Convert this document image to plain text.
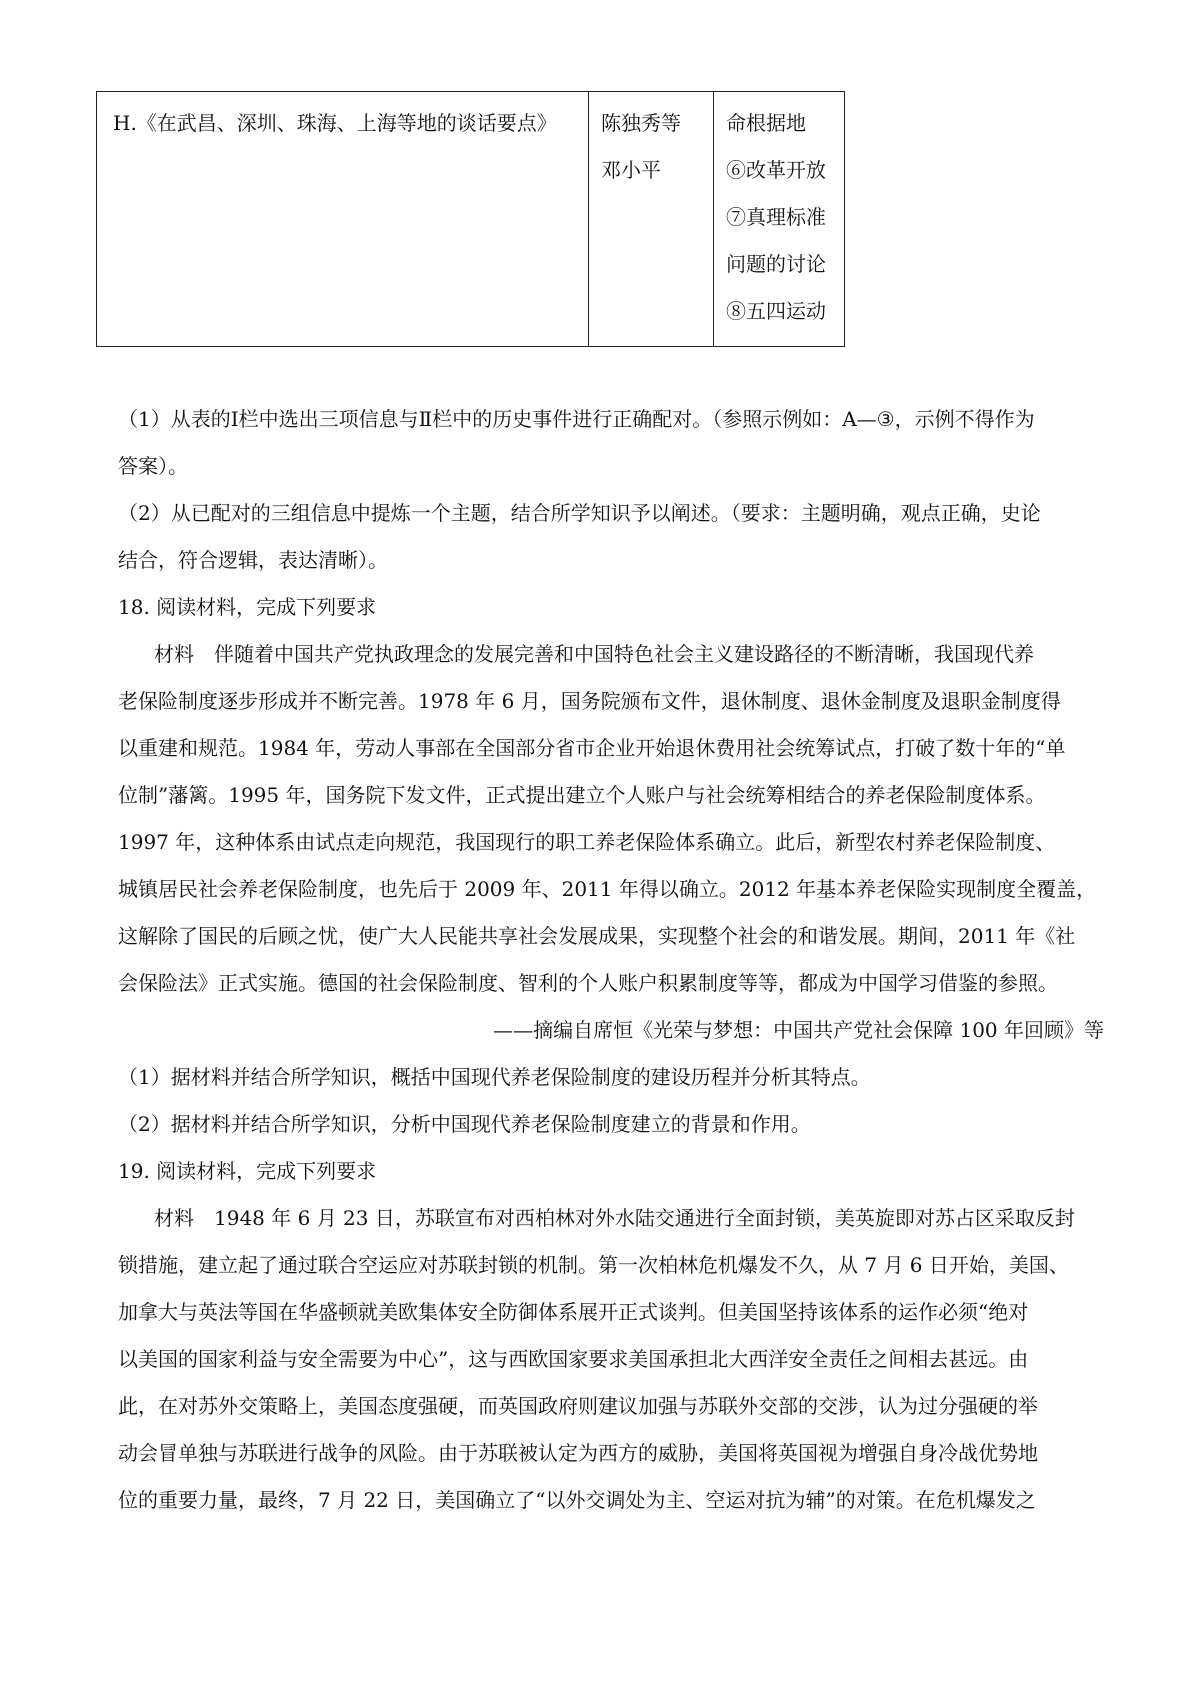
H.《在武昌、深圳、珠海、上海等地的谈话要点》	陈独秀等
邓小平
命根据地
⑥改革开放
⑦真理标准
问题的讨论
⑧五四运动
（1）从表的Ⅰ栏中选出三项信息与Ⅱ栏中的历史事件进行正确配对。（参照示例如：A—③，示例不得作为
答案）。
（2）从已配对的三组信息中提炼一个主题，结合所学知识予以阐述。（要求：主题明确，观点正确，史论
结合，符合逻辑，表达清晰）。
18. 阅读材料，完成下列要求
材料　伴随着中国共产党执政理念的发展完善和中国特色社会主义建设路径的不断清晰，我国现代养
老保险制度逐步形成并不断完善。1978 年 6 月，国务院颁布文件，退休制度、退休金制度及退职金制度得
以重建和规范。1984 年，劳动人事部在全国部分省市企业开始退休费用社会统筹试点，打破了数十年的“单
位制”藩篱。1995 年，国务院下发文件，正式提出建立个人账户与社会统筹相结合的养老保险制度体系。
1997 年，这种体系由试点走向规范，我国现行的职工养老保险体系确立。此后，新型农村养老保险制度、
城镇居民社会养老保险制度，也先后于 2009 年、2011 年得以确立。2012 年基本养老保险实现制度全覆盖，
这解除了国民的后顾之忧，使广大人民能共享社会发展成果，实现整个社会的和谐发展。期间，2011 年《社
会保险法》正式实施。德国的社会保险制度、智利的个人账户积累制度等等，都成为中国学习借鉴的参照。
——摘编自席恒《光荣与梦想：中国共产党社会保障 100 年回顾》等
（1）据材料并结合所学知识，概括中国现代养老保险制度的建设历程并分析其特点。
（2）据材料并结合所学知识，分析中国现代养老保险制度建立的背景和作用。
19. 阅读材料，完成下列要求
材料　1948 年 6 月 23 日，苏联宣布对西柏林对外水陆交通进行全面封锁，美英旋即对苏占区采取反封
锁措施，建立起了通过联合空运应对苏联封锁的机制。第一次柏林危机爆发不久，从 7 月 6 日开始，美国、
加拿大与英法等国在华盛顿就美欧集体安全防御体系展开正式谈判。但美国坚持该体系的运作必须“绝对
以美国的国家利益与安全需要为中心”，这与西欧国家要求美国承担北大西洋安全责任之间相去甚远。由
此，在对苏外交策略上，美国态度强硬，而英国政府则建议加强与苏联外交部的交涉，认为过分强硬的举
动会冒单独与苏联进行战争的风险。由于苏联被认定为西方的威胁，美国将英国视为增强自身冷战优势地
位的重要力量，最终，7 月 22 日，美国确立了“以外交调处为主、空运对抗为辅”的对策。在危机爆发之
